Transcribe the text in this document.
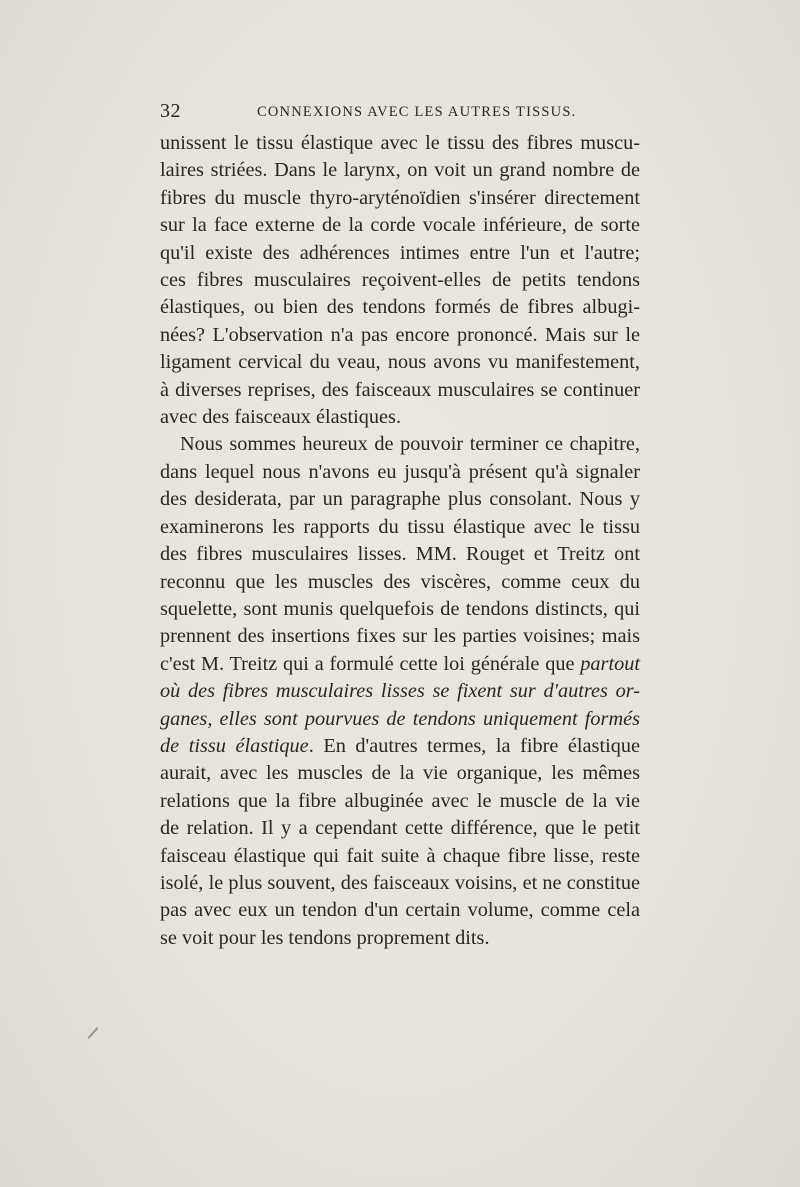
32	CONNEXIONS AVEC LES AUTRES TISSUS.
unissent le tissu élastique avec le tissu des fibres muscu-
laires striées. Dans le larynx, on voit un grand nombre de
fibres du muscle thyro-aryténoïdien s'insérer directement
sur la face externe de la corde vocale inférieure, de sorte
qu'il existe des adhérences intimes entre l'un et l'autre;
ces fibres musculaires reçoivent-elles de petits tendons
élastiques, ou bien des tendons formés de fibres albugi-
nées? L'observation n'a pas encore prononcé. Mais sur le
ligament cervical du veau, nous avons vu manifestement,
à diverses reprises, des faisceaux musculaires se continuer
avec des faisceaux élastiques.
Nous sommes heureux de pouvoir terminer ce chapitre,
dans lequel nous n'avons eu jusqu'à présent qu'à signaler
des desiderata, par un paragraphe plus consolant. Nous y
examinerons les rapports du tissu élastique avec le tissu
des fibres musculaires lisses. MM. Rouget et Treitz ont
reconnu que les muscles des viscères, comme ceux du
squelette, sont munis quelquefois de tendons distincts, qui
prennent des insertions fixes sur les parties voisines; mais
c'est M. Treitz qui a formulé cette loi générale que partout
où des fibres musculaires lisses se fixent sur d'autres or-
ganes, elles sont pourvues de tendons uniquement formés
de tissu élastique. En d'autres termes, la fibre élastique
aurait, avec les muscles de la vie organique, les mêmes
relations que la fibre albuginée avec le muscle de la vie
de relation. Il y a cependant cette différence, que le petit
faisceau élastique qui fait suite à chaque fibre lisse, reste
isolé, le plus souvent, des faisceaux voisins, et ne constitue
pas avec eux un tendon d'un certain volume, comme cela
se voit pour les tendons proprement dits.
